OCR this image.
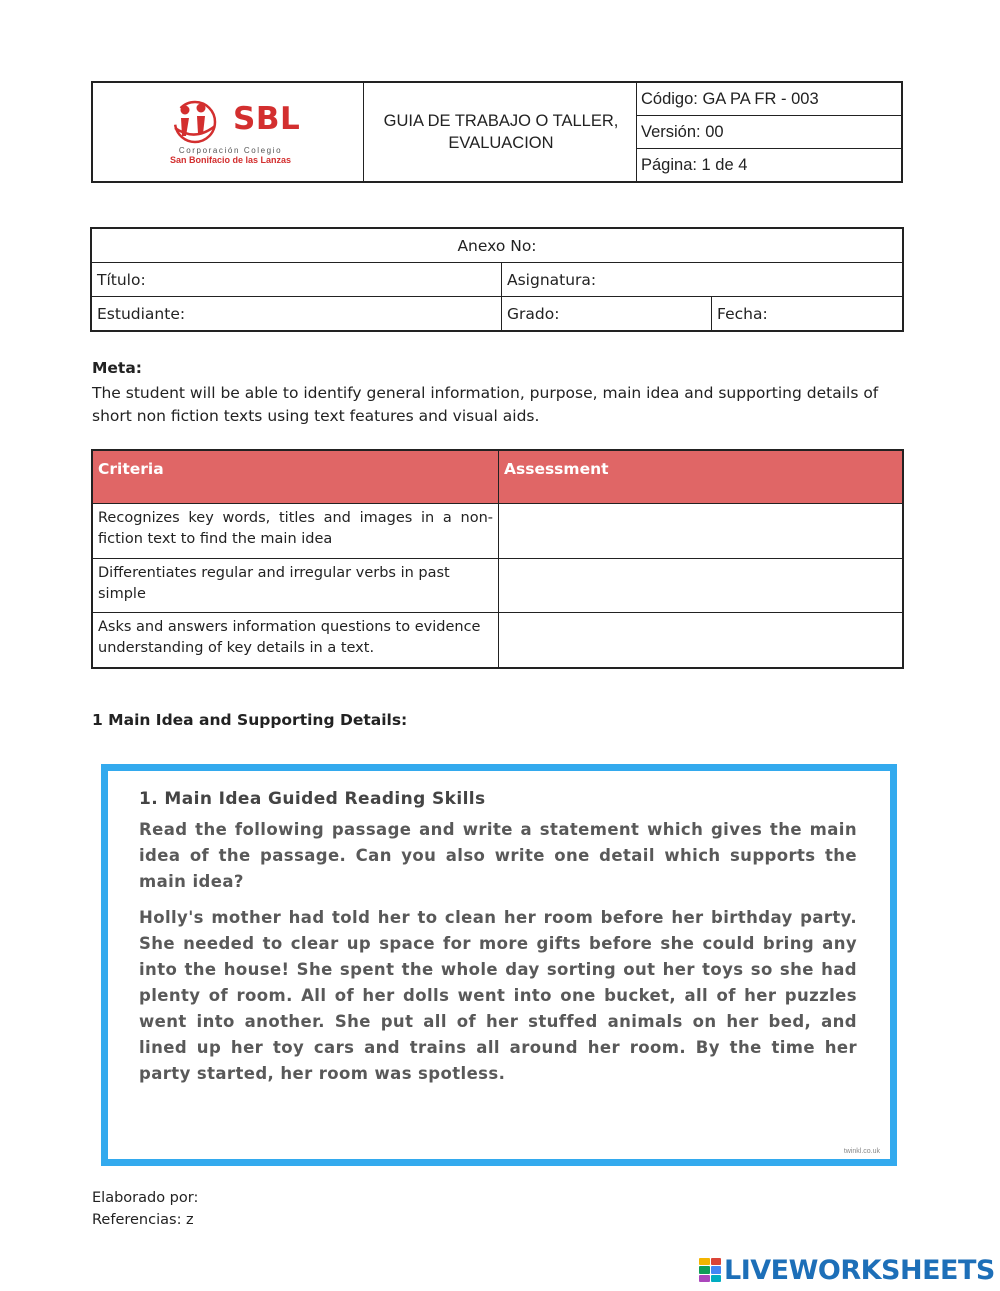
SBL
Corporación Colegio
San Bonifacio de las Lanzas

GUIA DE TRABAJO O TALLER, EVALUACION
	Código: GA PA FR - 003
Versión: 00
Página: 1 de 4
Anexo No:		
Título:	Asignatura:	
Estudiante:	Grado:	Fecha:
Meta:
The student will be able to identify general information, purpose, main idea and supporting details of short non fiction texts using text features and visual aids.
Criteria	Assessment
Recognizes key words, titles and images in a non-fiction text to find the main idea	
Differentiates regular and irregular verbs in past simple	
Asks and answers information questions to evidence understanding of key details in a text.	
1 Main Idea and Supporting Details:
1. Main Idea Guided Reading Skills

Read the following passage and write a statement which gives the main idea of the passage. Can you also write one detail which supports the main idea?

Holly's mother had told her to clean her room before her birthday party. She needed to clear up space for more gifts before she could bring any into the house! She spent the whole day sorting out her toys so she had plenty of room. All of her dolls went into one bucket, all of her puzzles went into another. She put all of her stuffed animals on her bed, and lined up her toy cars and trains all around her room. By the time her party started, her room was spotless.

twinkl.co.uk
Elaborado por:
Referencias: z
LIVEWORKSHEETS
